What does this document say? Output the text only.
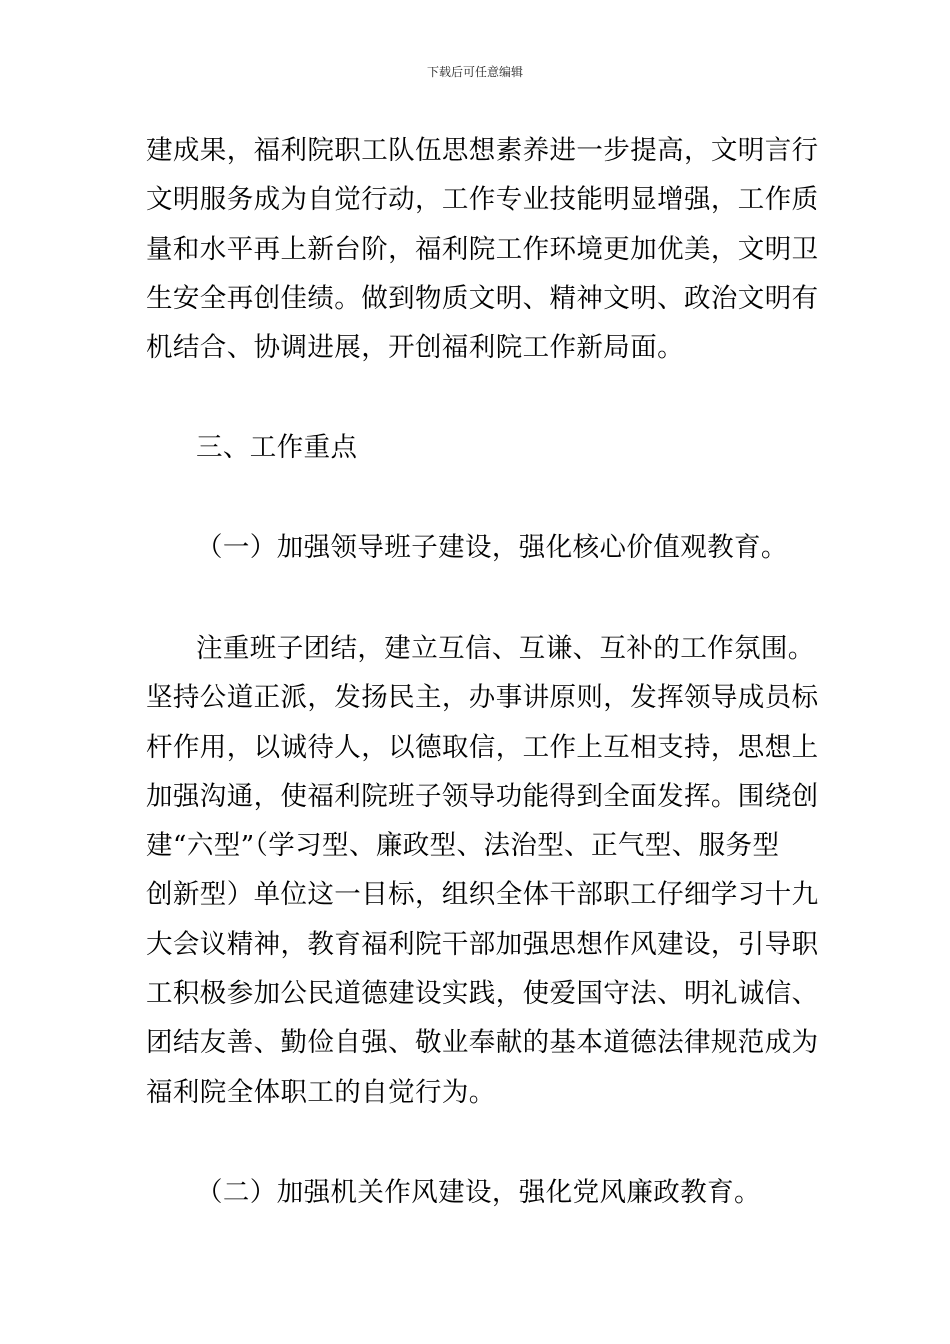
下载后可任意编辑
建成果，福利院职工队伍思想素养进一步提高，文明言行
文明服务成为自觉行动，工作专业技能明显增强，工作质
量和水平再上新台阶，福利院工作环境更加优美，文明卫
生安全再创佳绩。做到物质文明、精神文明、政治文明有
机结合、协调进展，开创福利院工作新局面。
三、工作重点
（一）加强领导班子建设，强化核心价值观教育。
注重班子团结，建立互信、互谦、互补的工作氛围。
坚持公道正派，发扬民主，办事讲原则，发挥领导成员标
杆作用，以诚待人，以德取信，工作上互相支持，思想上
加强沟通，使福利院班子领导功能得到全面发挥。围绕创
建“六型”（学习型、廉政型、法治型、正气型、服务型
创新型）单位这一目标，组织全体干部职工仔细学习十九
大会议精神，教育福利院干部加强思想作风建设，引导职
工积极参加公民道德建设实践，使爱国守法、明礼诚信、
团结友善、勤俭自强、敬业奉献的基本道德法律规范成为
福利院全体职工的自觉行为。
（二）加强机关作风建设，强化党风廉政教育。
